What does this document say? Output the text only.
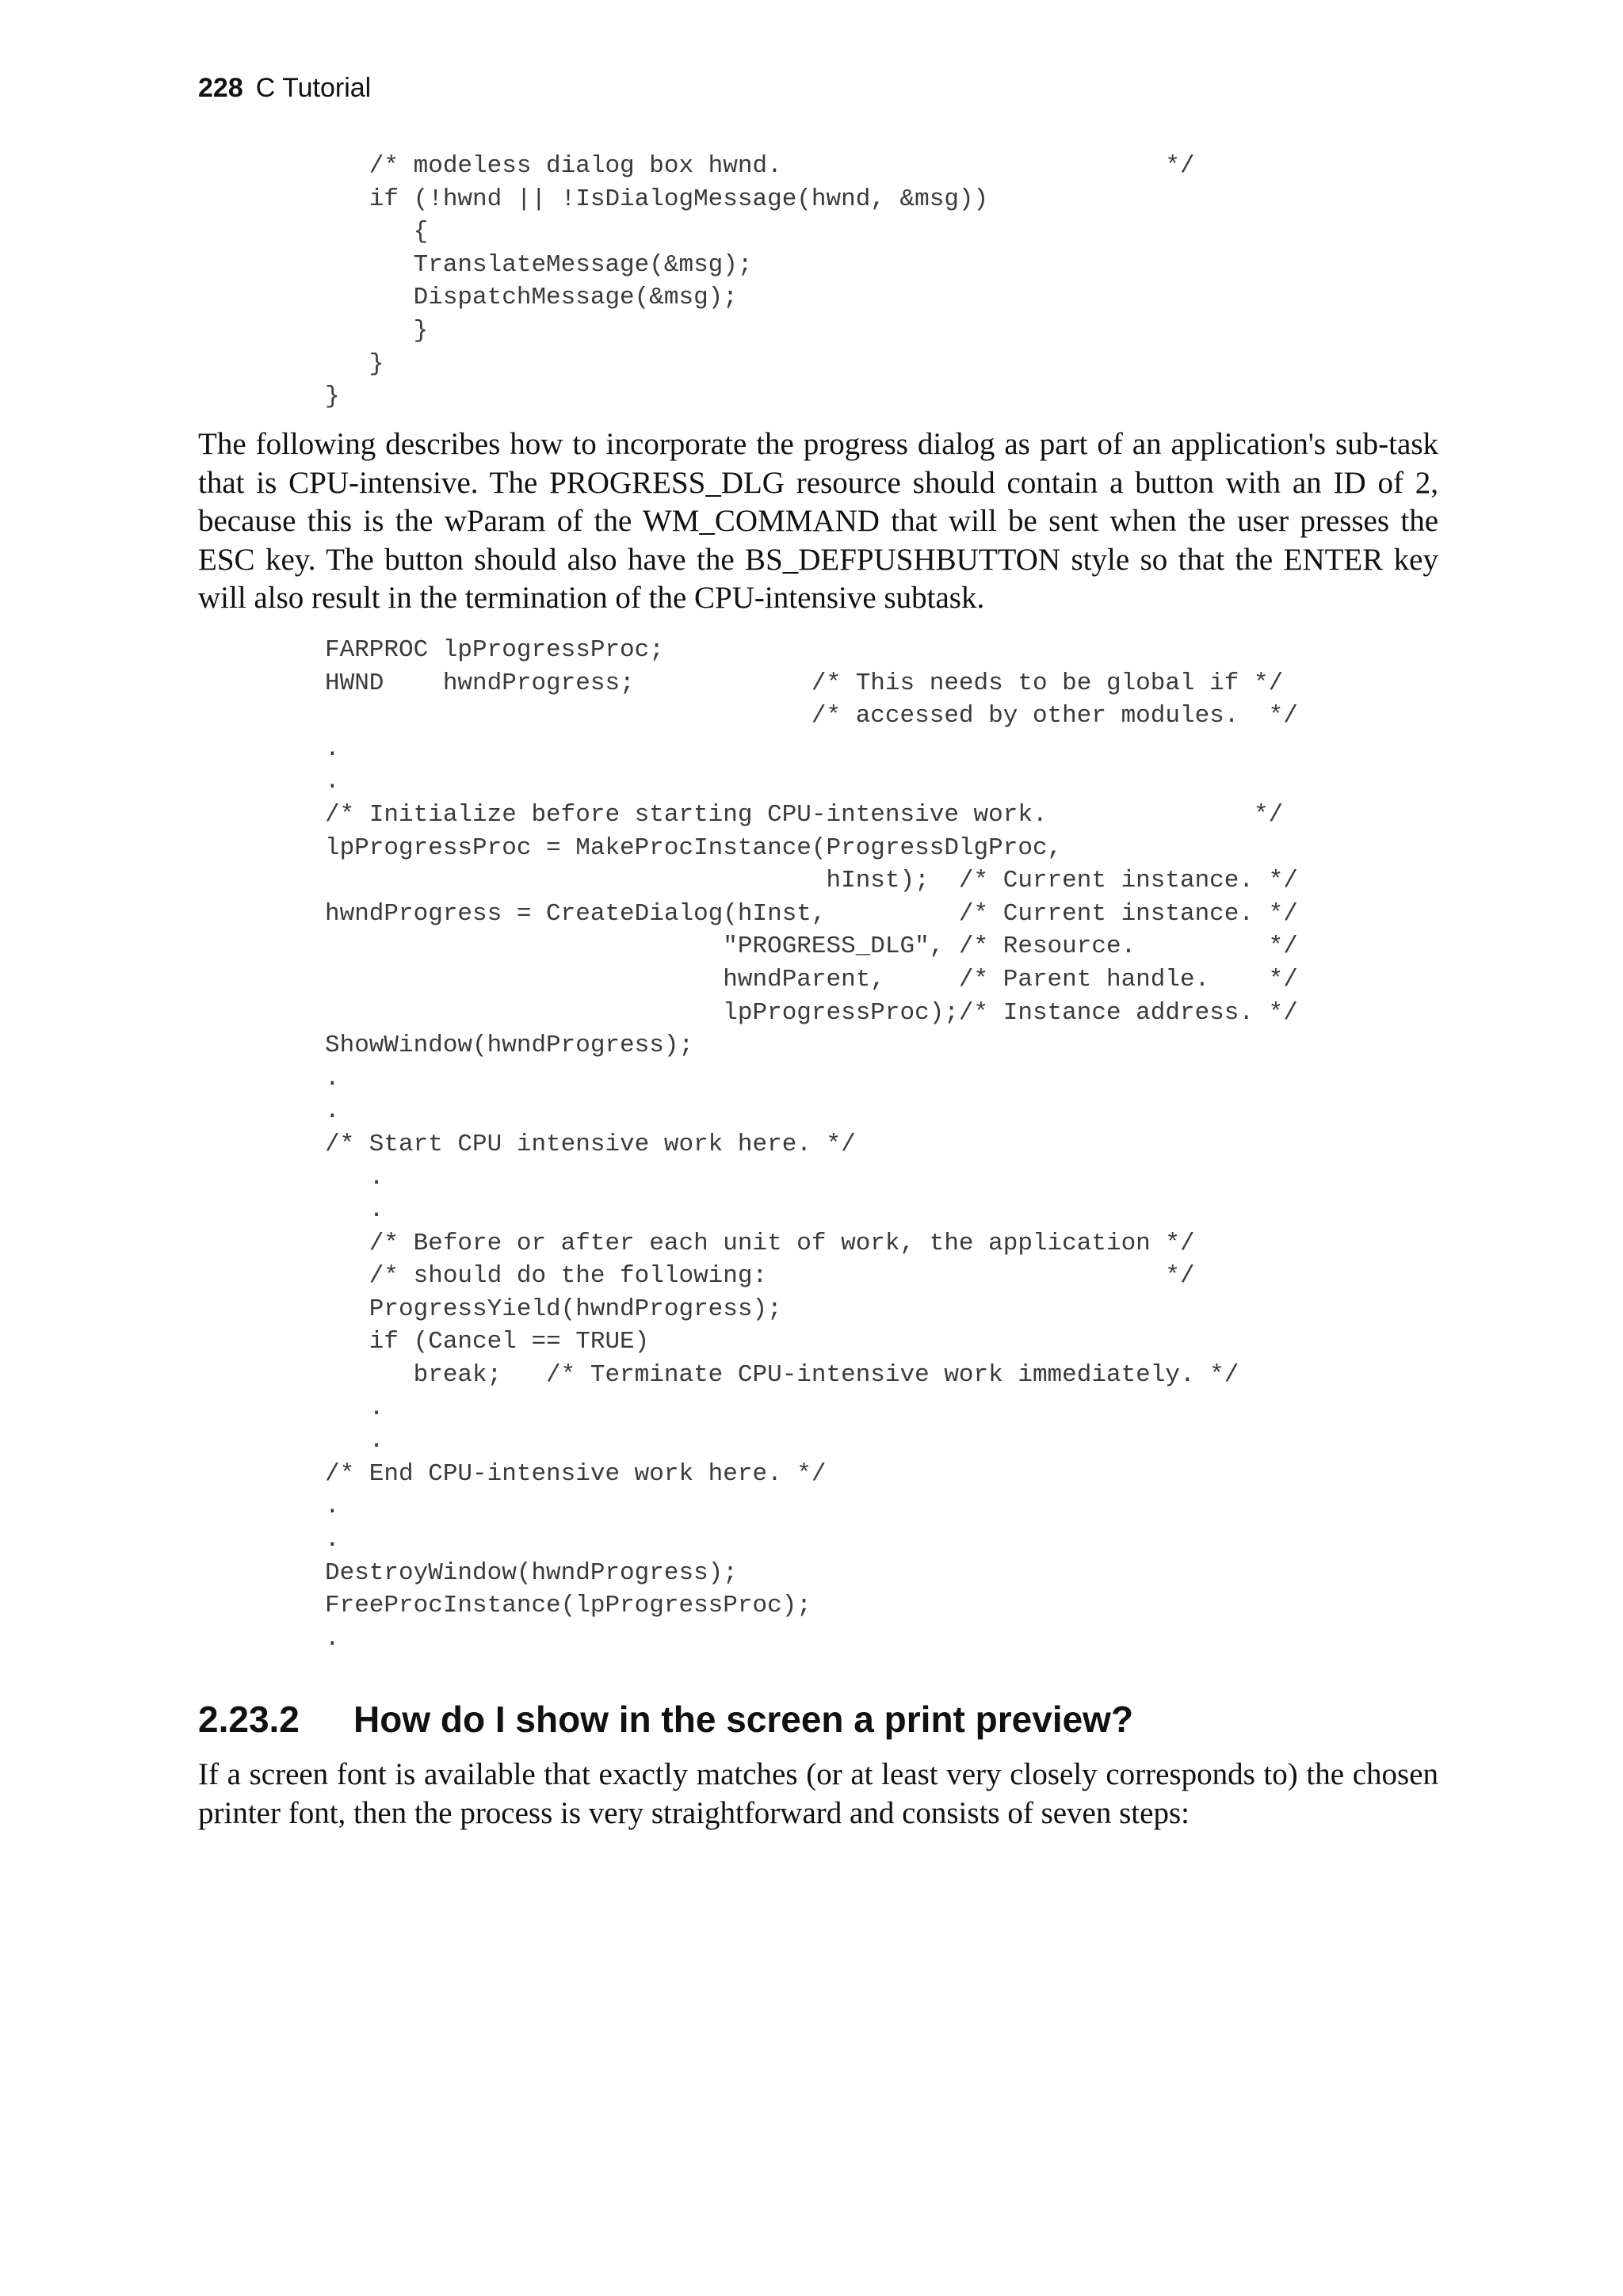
228 C Tutorial
/* modeless dialog box hwnd.                          */
if (!hwnd || !IsDialogMessage(hwnd, &msg))
{
TranslateMessage(&msg);
DispatchMessage(&msg);
}
}
}

The following describes how to incorporate the progress dialog as part of an application's sub-task that is CPU-intensive. The PROGRESS_DLG resource should contain a button with an ID of 2, because this is the wParam of the WM_COMMAND that will be sent when the user presses the ESC key. The button should also have the BS_DEFPUSHBUTTON style so that the ENTER key will also result in the termination of the CPU-intensive subtask.

FARPROC lpProgressProc;
HWND    hwndProgress;            /* This needs to be global if */
/* accessed by other modules.  */
.
.
/* Initialize before starting CPU-intensive work.              */
lpProgressProc = MakeProcInstance(ProgressDlgProc,
hInst);  /* Current instance. */
hwndProgress = CreateDialog(hInst,         /* Current instance. */
"PROGRESS_DLG", /* Resource.         */
hwndParent,     /* Parent handle.    */
lpProgressProc);/* Instance address. */
ShowWindow(hwndProgress);
.
.
/* Start CPU intensive work here. */
.
.
/* Before or after each unit of work, the application */
/* should do the following:                           */
ProgressYield(hwndProgress);
if (Cancel == TRUE)
break;   /* Terminate CPU-intensive work immediately. */
.
.
/* End CPU-intensive work here. */
.
.
DestroyWindow(hwndProgress);
FreeProcInstance(lpProgressProc);
.
2.23.2 How do I show in the screen a print preview?

If a screen font is available that exactly matches (or at least very closely corresponds to) the chosen printer font, then the process is very straightforward and consists of seven steps:
